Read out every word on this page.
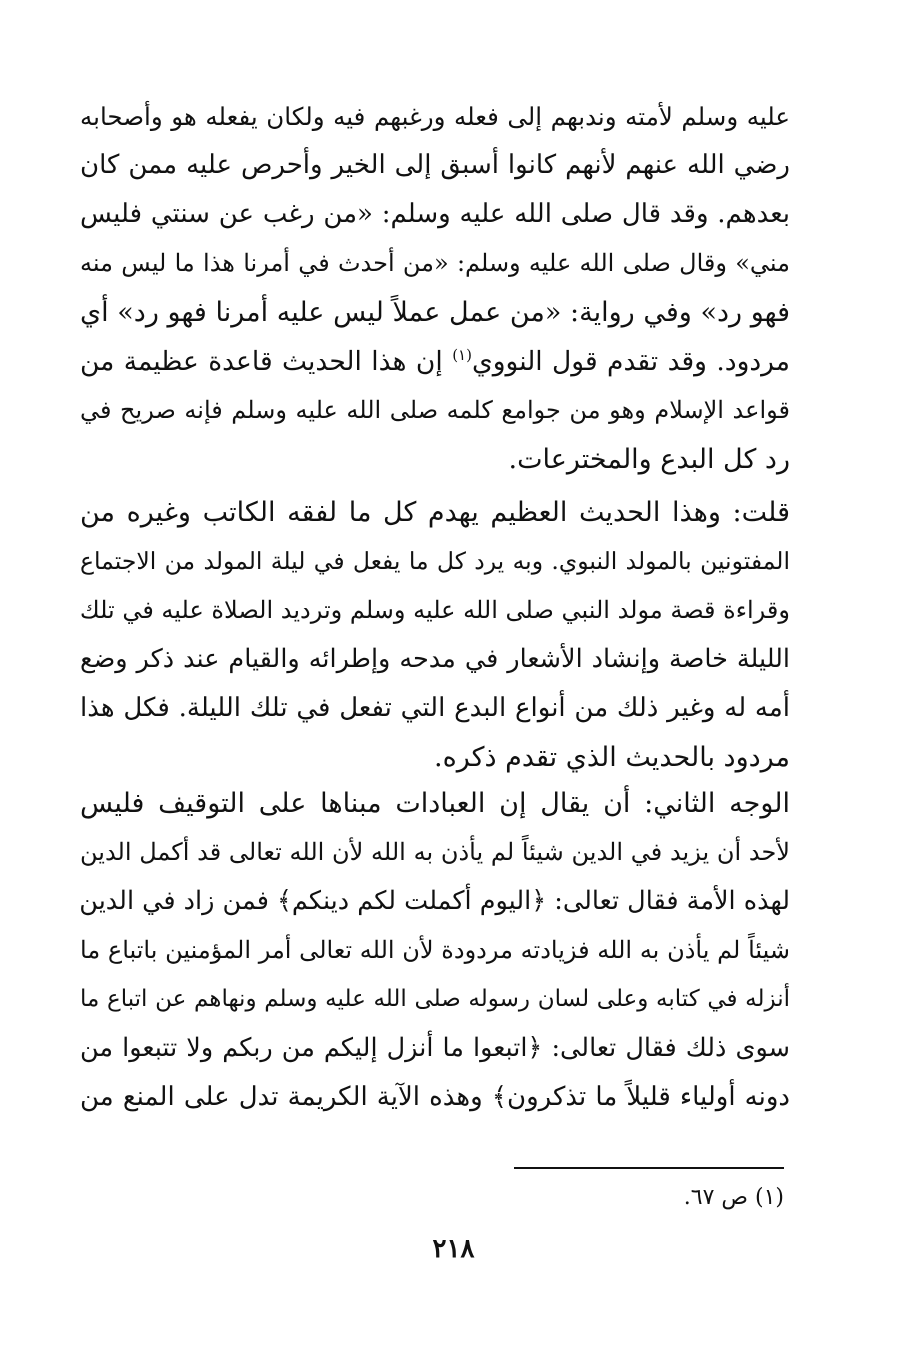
عليه وسلم لأمته وندبهم إلى فعله ورغبهم فيه ولكان يفعله هو وأصحابه
رضي الله عنهم لأنهم كانوا أسبق إلى الخير وأحرص عليه ممن كان
بعدهم. وقد قال صلى الله عليه وسلم: «من رغب عن سنتي فليس
مني» وقال صلى الله عليه وسلم: «من أحدث في أمرنا هذا ما ليس منه
فهو رد» وفي رواية: «من عمل عملاً ليس عليه أمرنا فهو رد» أي
مردود. وقد تقدم قول النووي$^{(١)}$ إن هذا الحديث قاعدة عظيمة من
قواعد الإسلام وهو من جوامع كلمه صلى الله عليه وسلم فإنه صريح في
رد كل البدع والمخترعات.
قلت: وهذا الحديث العظيم يهدم كل ما لفقه الكاتب وغيره من
المفتونين بالمولد النبوي. وبه يرد كل ما يفعل في ليلة المولد من الاجتماع
وقراءة قصة مولد النبي صلى الله عليه وسلم وترديد الصلاة عليه في تلك
الليلة خاصة وإنشاد الأشعار في مدحه وإطرائه والقيام عند ذكر وضع
أمه له وغير ذلك من أنواع البدع التي تفعل في تلك الليلة. فكل هذا
مردود بالحديث الذي تقدم ذكره.
الوجه الثاني: أن يقال إن العبادات مبناها على التوقيف فليس
لأحد أن يزيد في الدين شيئاً لم يأذن به الله لأن الله تعالى قد أكمل الدين
لهذه الأمة فقال تعالى: ﴿اليوم أكملت لكم دينكم﴾ فمن زاد في الدين
شيئاً لم يأذن به الله فزيادته مردودة لأن الله تعالى أمر المؤمنين باتباع ما
أنزله في كتابه وعلى لسان رسوله صلى الله عليه وسلم ونهاهم عن اتباع ما
سوى ذلك فقال تعالى: ﴿اتبعوا ما أنزل إليكم من ربكم ولا تتبعوا من
دونه أولياء قليلاً ما تذكرون﴾ وهذه الآية الكريمة تدل على المنع من
(١) ص ٦٧.
٢١٨
